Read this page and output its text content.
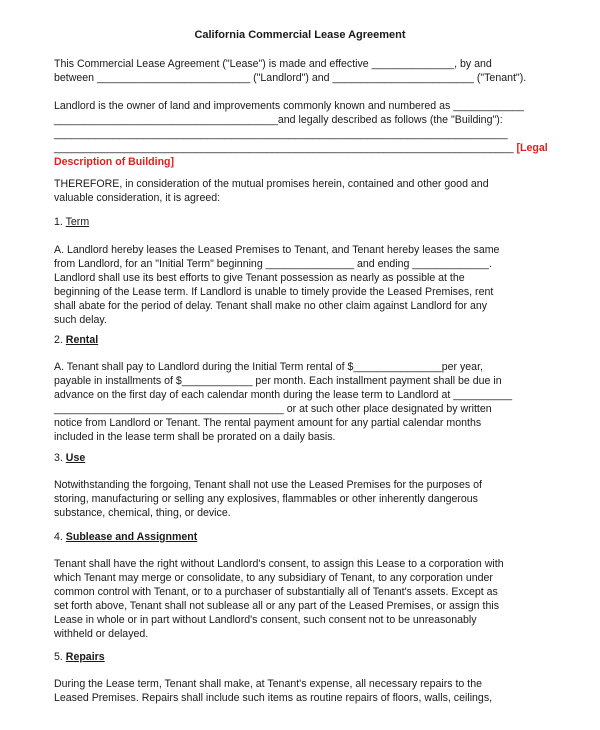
California Commercial Lease Agreement
This Commercial Lease Agreement ("Lease") is made and effective ______________, by and
between __________________________ ("Landlord") and ________________________ ("Tenant").
Landlord is the owner of land and improvements commonly known and numbered as ____________
______________________________________and legally described as follows (the "Building"):
_____________________________________________________________________________
______________________________________________________________________________ [Legal
Description of Building]
THEREFORE, in consideration of the mutual promises herein, contained and other good and
valuable consideration, it is agreed:
1. Term
A. Landlord hereby leases the Leased Premises to Tenant, and Tenant hereby leases the same
from Landlord, for an "Initial Term" beginning _______________ and ending _____________.
Landlord shall use its best efforts to give Tenant possession as nearly as possible at the
beginning of the Lease term. If Landlord is unable to timely provide the Leased Premises, rent
shall abate for the period of delay. Tenant shall make no other claim against Landlord for any
such delay.
2. Rental
A. Tenant shall pay to Landlord during the Initial Term rental of $_______________per year,
payable in installments of $____________ per month. Each installment payment shall be due in
advance on the first day of each calendar month during the lease term to Landlord at __________
_______________________________________ or at such other place designated by written
notice from Landlord or Tenant. The rental payment amount for any partial calendar months
included in the lease term shall be prorated on a daily basis.
3. Use
Notwithstanding the forgoing, Tenant shall not use the Leased Premises for the purposes of
storing, manufacturing or selling any explosives, flammables or other inherently dangerous
substance, chemical, thing, or device.
4. Sublease and Assignment
Tenant shall have the right without Landlord's consent, to assign this Lease to a corporation with
which Tenant may merge or consolidate, to any subsidiary of Tenant, to any corporation under
common control with Tenant, or to a purchaser of substantially all of Tenant's assets. Except as
set forth above, Tenant shall not sublease all or any part of the Leased Premises, or assign this
Lease in whole or in part without Landlord's consent, such consent not to be unreasonably
withheld or delayed.
5. Repairs
During the Lease term, Tenant shall make, at Tenant's expense, all necessary repairs to the
Leased Premises. Repairs shall include such items as routine repairs of floors, walls, ceilings,
